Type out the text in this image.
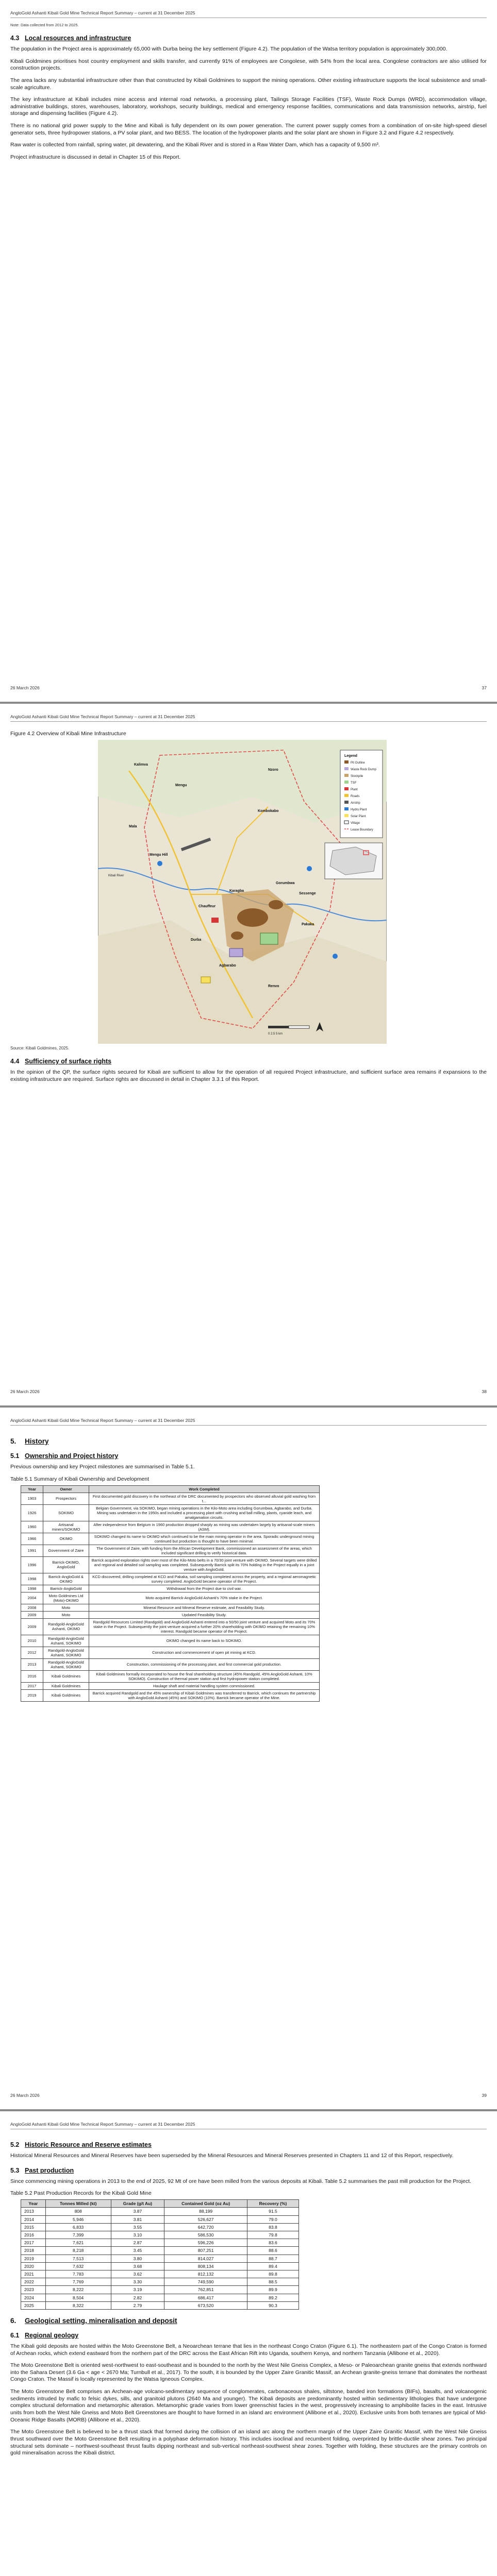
AngloGold Ashanti Kibali Gold Mine Technical Report Summary – current at 31 December 2025
Note: Data collected from 2012 to 2025.
4.3 Local resources and infrastructure

The population in the Project area is approximately 65,000 with Durba being the key settlement (Figure 4.2). The population of the Watsa territory population is approximately 300,000.

Kibali Goldmines prioritises host country employment and skills transfer, and currently 91% of employees are Congolese, with 54% from the local area. Congolese contractors are also utilised for construction projects.

The area lacks any substantial infrastructure other than that constructed by Kibali Goldmines to support the mining operations. Other existing infrastructure supports the local subsistence and small-scale agriculture.

The key infrastructure at Kibali includes mine access and internal road networks, a processing plant, Tailings Storage Facilities (TSF), Waste Rock Dumps (WRD), accommodation village, administrative buildings, stores, warehouses, laboratory, workshops, security buildings, medical and emergency response facilities, communications and data transmission networks, airstrip, fuel storage and dispensing facilities (Figure 4.2).

There is no national grid power supply to the Mine and Kibali is fully dependent on its own power generation. The current power supply comes from a combination of on-site high-speed diesel generator sets, three hydropower stations, a PV solar plant, and two BESS. The location of the hydropower plants and the solar plant are shown in Figure 3.2 and Figure 4.2 respectively.

Raw water is collected from rainfall, spring water, pit dewatering, and the Kibali River and is stored in a Raw Water Dam, which has a capacity of 9,500 m³.

Project infrastructure is discussed in detail in Chapter 15 of this Report.

26 March 2026	37
AngloGold Ashanti Kibali Gold Mine Technical Report Summary – current at 31 December 2025
Figure 4.2 Overview of Kibali Mine Infrastructure
Kalimva
Mengu
Nzoro
Mala
Kombokabo
Gorumbwa
Sessenge
Pakaka
Karagba
Chauffeur
Durba
Agbarabo
Mengu Hill
Renvo
Kibali River
Legend
Pit Outline
Waste Rock Dump
Stockpile
TSF
Plant
Roads
Airstrip
Hydro Plant
Solar Plant
Village
Lease Boundary
0 2.5 5 km
Source: Kibali Goldmines, 2025.
4.4 Sufficiency of surface rights

In the opinion of the QP, the surface rights secured for Kibali are sufficient to allow for the operation of all required Project infrastructure, and sufficient surface area remains if expansions to the existing infrastructure are required. Surface rights are discussed in detail in Chapter 3.3.1 of this Report.

26 March 2026	38
AngloGold Ashanti Kibali Gold Mine Technical Report Summary – current at 31 December 2025
5. History
5.1 Ownership and Project history

Previous ownership and key Project milestones are summarised in Table 5.1.

Table 5.1 Summary of Kibali Ownership and Development
Year	Owner	Work Completed
1903	Prospectors	First documented gold discovery in the northeast of the DRC documented by prospectors who observed alluvial gold washing from t...
1926	SOKIMO	Belgian Government, via SOKIMO, began mining operations in the Kilo-Moto area including Gorumbwa, Agbarabo, and Durba. Mining was undertaken in the 1950s and included a processing plant with crushing and ball milling, plants, cyanide leach, and amalgamation circuits.
1960	Artisanal miners/SOKIMO	After independence from Belgium in 1960 production dropped sharply as mining was undertaken largely by artisanal-scale miners (ASM).
1966	OKIMO	SOKIMO changed its name to OKIMO which continued to be the main mining operator in the area. Sporadic underground mining continued but production is thought to have been minimal.
1991	Government of Zaire	The Government of Zaire, with funding from the African Development Bank, commissioned an assessment of the areas, which included significant drilling to verify historical data.
1996	Barrick-OKIMO, AngloGold	Barrick acquired exploration rights over most of the Kilo-Moto belts in a 70/30 joint venture with OKIMO. Several targets were drilled and regional and detailed soil sampling was completed. Subsequently Barrick split its 70% holding in the Project equally in a joint venture with AngloGold.
1998	Barrick-AngloGold & OKIMO	KCD discovered, drilling completed at KCD and Pakaka, soil sampling completed across the property, and a regional aeromagnetic survey completed. AngloGold became operator of the Project.
1998	Barrick-AngloGold	Withdrawal from the Project due to civil war.
2004	Moto Goldmines Ltd (Moto)-OKIMO	Moto acquired Barrick-AngloGold Ashanti's 70% stake in the Project.
2008	Moto	Mineral Resource and Mineral Reserve estimate, and Feasibility Study.
2009	Moto	Updated Feasibility Study.
2009	Randgold-AngloGold Ashanti, OKIMO	Randgold Resources Limited (Randgold) and AngloGold Ashanti entered into a 50/50 joint venture and acquired Moto and its 70% stake in the Project. Subsequently the joint venture acquired a further 20% shareholding with OKIMO retaining the remaining 10% interest. Randgold became operator of the Project.
2010	Randgold-AngloGold Ashanti, SOKIMO	OKIMO changed its name back to SOKIMO.
2012	Randgold-AngloGold Ashanti, SOKIMO	Construction and commencement of open pit mining at KCD.
2013	Randgold-AngloGold Ashanti, SOKIMO	Construction, commissioning of the processing plant, and first commercial gold production.
2016	Kibali Goldmines	Kibali Goldmines formally incorporated to house the final shareholding structure (45% Randgold, 45% AngloGold Ashanti, 10% SOKIMO). Construction of thermal power station and first hydropower station completed.
2017	Kibali Goldmines	Haulage shaft and material handling system commissioned.
2019	Kibali Goldmines	Barrick acquired Randgold and the 45% ownership of Kibali Goldmines was transferred to Barrick, which continues the partnership with AngloGold Ashanti (45%) and SOKIMO (10%). Barrick became operator of the Mine.
26 March 2026	39
AngloGold Ashanti Kibali Gold Mine Technical Report Summary – current at 31 December 2025
5.2 Historic Resource and Reserve estimates

Historical Mineral Resources and Mineral Reserves have been superseded by the Mineral Resources and Mineral Reserves presented in Chapters 11 and 12 of this Report, respectively.

5.3 Past production

Since commencing mining operations in 2013 to the end of 2025, 92 Mt of ore have been milled from the various deposits at Kibali. Table 5.2 summarises the past mill production for the Project.

Table 5.2 Past Production Records for the Kibali Gold Mine
Year	Tonnes Milled (kt)	Grade (g/t Au)	Contained Gold (oz Au)	Recovery (%)
2013	808	3.87	88,199	91.5
2014	5,946	3.81	526,627	79.0
2015	6,833	3.55	642,720	83.8
2016	7,399	3.10	586,530	79.8
2017	7,621	2.87	596,226	83.6
2018	8,218	3.45	807,251	88.6
2019	7,513	3.80	814,027	88.7
2020	7,632	3.68	808,134	89.4
2021	7,783	3.62	812,132	89.8
2022	7,769	3.30	749,590	88.5
2023	8,222	3.19	762,851	89.9
2024	8,504	2.82	686,417	89.2
2025	8,322	2.79	673,520	90.3
6. Geological setting, mineralisation and deposit
6.1 Regional geology

The Kibali gold deposits are hosted within the Moto Greenstone Belt, a Neoarchean terrane that lies in the northeast Congo Craton (Figure 6.1). The northeastern part of the Congo Craton is formed of Archean rocks, which extend eastward from the northern part of the DRC across the East African Rift into Uganda, southern Kenya, and northern Tanzania (Allibone et al., 2020).

The Moto Greenstone Belt is oriented west-northwest to east-southeast and is bounded to the north by the West Nile Gneiss Complex, a Meso- or Paleoarchean granite gneiss that extends northward into the Sahara Desert (3.6 Ga < age < 2670 Ma; Turnbull et al., 2017). To the south, it is bounded by the Upper Zaire Granitic Massif, an Archean granite-gneiss terrane that dominates the northeast Congo Craton. The Massif is locally represented by the Watsa Igneous Complex.

The Moto Greenstone Belt comprises an Archean-age volcano-sedimentary sequence of conglomerates, carbonaceous shales, siltstone, banded iron formations (BIFs), basalts, and volcanogenic sediments intruded by mafic to felsic dykes, sills, and granitoid plutons (2640 Ma and younger). The Kibali deposits are predominantly hosted within sedimentary lithologies that have undergone complex structural deformation and metamorphic alteration. Metamorphic grade varies from lower greenschist facies in the west, progressively increasing to amphibolite facies in the east. Intrusive units from both the West Nile Gneiss and Moto Belt Greenstones are thought to have formed in an island arc environment (Allibone et al., 2020). Exclusive units from both terranes are typical of Mid-Oceanic Ridge Basalts (MORB) (Allibone et al., 2020).

The Moto Greenstone Belt is believed to be a thrust stack that formed during the collision of an island arc along the northern margin of the Upper Zaire Granitic Massif, with the West Nile Gneiss thrust southward over the Moto Greenstone Belt resulting in a polyphase deformation history. This includes isoclinal and recumbent folding, overprinted by brittle-ductile shear zones. Two principal structural sets dominate – northwest-southeast thrust faults dipping northeast and sub-vertical northeast-southwest shear zones. Together with folding, these structures are the primary controls on gold mineralisation across the Kibali district.
